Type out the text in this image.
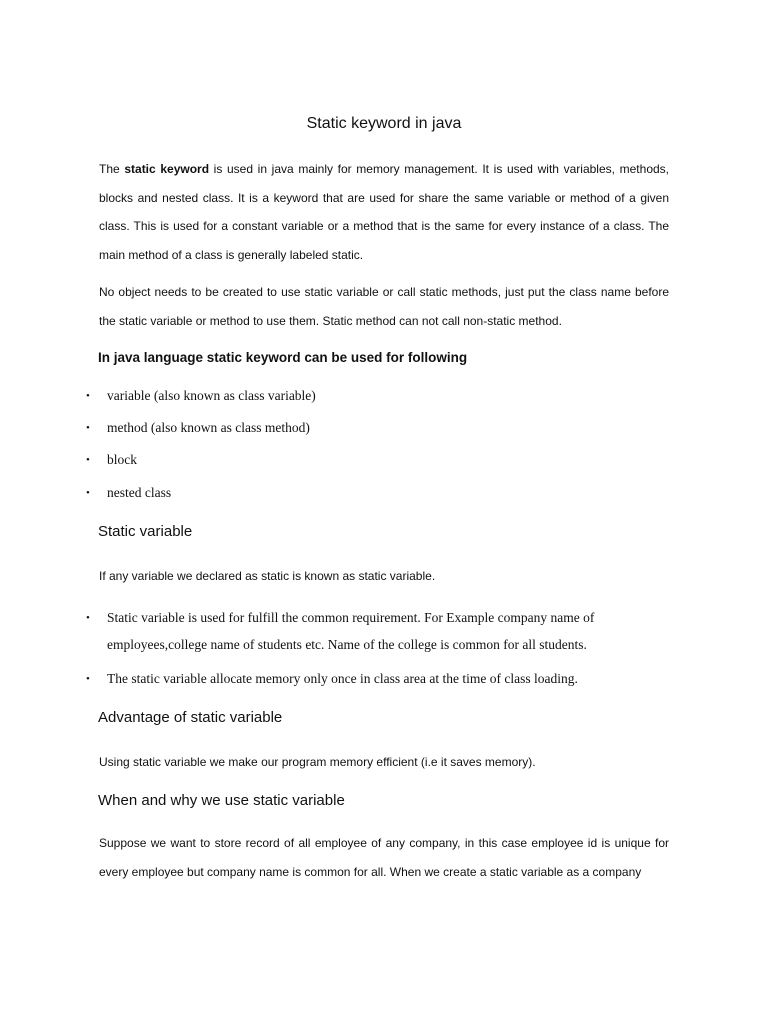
Static keyword in java
The static keyword is used in java mainly for memory management. It is used with variables, methods, blocks and nested class. It is a keyword that are used for share the same variable or method of a given class. This is used for a constant variable or a method that is the same for every instance of a class. The main method of a class is generally labeled static.
No object needs to be created to use static variable or call static methods, just put the class name before the static variable or method to use them. Static method can not call non-static method.
In java language static keyword can be used for following
• variable (also known as class variable)
• method (also known as class method)
• block
• nested class
Static variable
If any variable we declared as static is known as static variable.
• Static variable is used for fulfill the common requirement. For Example company name of employees,college name of students etc. Name of the college is common for all students.
• The static variable allocate memory only once in class area at the time of class loading.
Advantage of static variable
Using static variable we make our program memory efficient (i.e it saves memory).
When and why we use static variable
Suppose we want to store record of all employee of any company, in this case employee id is unique for every employee but company name is common for all. When we create a static variable as a company
